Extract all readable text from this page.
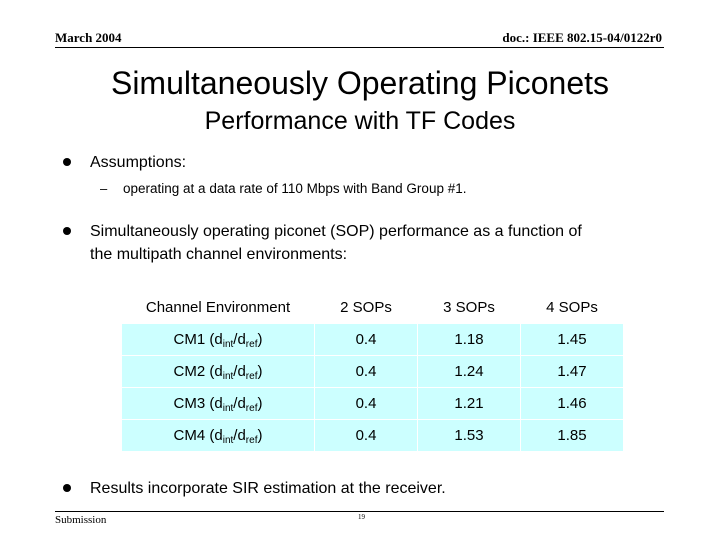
March 2004	doc.: IEEE 802.15-04/0122r0
Simultaneously Operating Piconets
Performance with TF Codes
Assumptions:
– operating at a data rate of 110 Mbps with Band Group #1.
Simultaneously operating piconet (SOP) performance as a function of
the multipath channel environments:
Channel Environment	2 SOPs	3 SOPs	4 SOPs
CM1 $(d_{int}/d_{ref})$	0.4	1.18	1.45
CM2 $(d_{int}/d_{ref})$	0.4	1.24	1.47
CM3 $(d_{int}/d_{ref})$	0.4	1.21	1.46
CM4 $(d_{int}/d_{ref})$	0.4	1.53	1.85
Results incorporate SIR estimation at the receiver.
Submission	19
